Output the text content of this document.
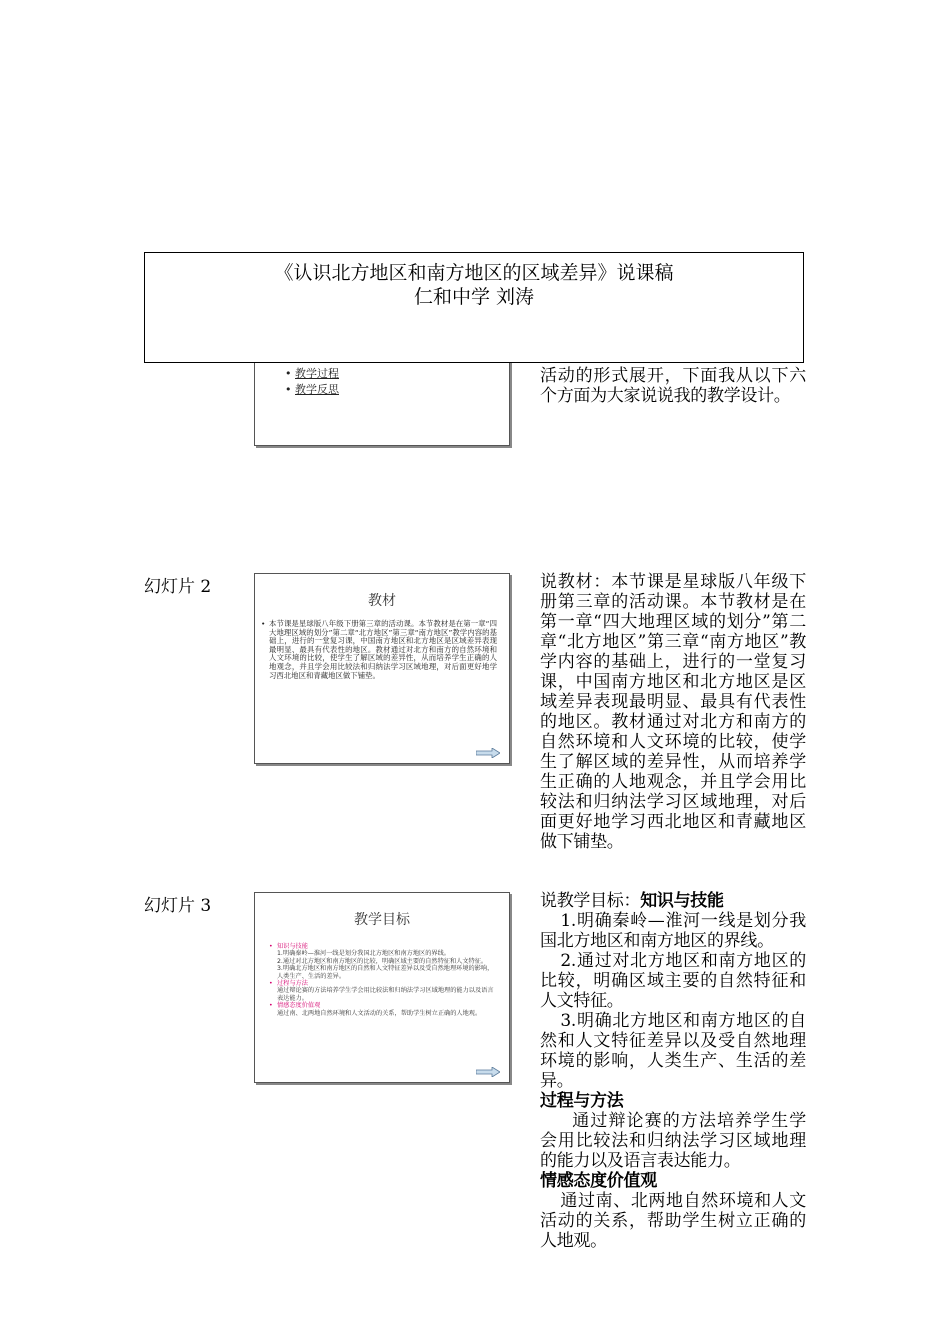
《认识北方地区和南方地区的区域差异》说课稿
仁和中学 刘涛
• 教学过程
• 教学反思

活动的形式展开，下面我从以下六个方面为大家说说我的教学设计。

幻灯片 2
教材
• 本节课是星球版八年级下册第三章的活动课。本节教材是在第一章“四大地理区域的划分”第二章“北方地区”第三章“南方地区”教学内容的基础上，进行的一堂复习课，中国南方地区和北方地区是区域差异表现最明显、最具有代表性的地区。教材通过对北方和南方的自然环境和人文环境的比较，使学生了解区域的差异性，从而培养学生正确的人地观念，并且学会用比较法和归纳法学习区域地理，对后面更好地学习西北地区和青藏地区做下铺垫。

说教材：本节课是星球版八年级下册第三章的活动课。本节教材是在第一章“四大地理区域的划分”第二章“北方地区”第三章“南方地区”教学内容的基础上，进行的一堂复习课，中国南方地区和北方地区是区域差异表现最明显、最具有代表性的地区。教材通过对北方和南方的自然环境和人文环境的比较，使学生了解区域的差异性，从而培养学生正确的人地观念，并且学会用比较法和归纳法学习区域地理，对后面更好地学习西北地区和青藏地区做下铺垫。

幻灯片 3
教学目标
• 知识与技能
1.明确秦岭—淮河一线是划分我国北方地区和南方地区的界线。
2.通过对北方地区和南方地区的比较，明确区域主要的自然特征和人文特征。
3.明确北方地区和南方地区的自然和人文特征差异以及受自然地理环境的影响，人类生产、生活的差异。
• 过程与方法
通过辩论赛的方法培养学生学会用比较法和归纳法学习区域地理的能力以及语言表达能力。
• 情感态度价值观
通过南、北两地自然环境和人文活动的关系，帮助学生树立正确的人地观。

说教学目标：知识与技能

1.明确秦岭—淮河一线是划分我国北方地区和南方地区的界线。

2.通过对北方地区和南方地区的比较，明确区域主要的自然特征和人文特征。

3.明确北方地区和南方地区的自然和人文特征差异以及受自然地理环境的影响，人类生产、生活的差异。

过程与方法

通过辩论赛的方法培养学生学会用比较法和归纳法学习区域地理的能力以及语言表达能力。

情感态度价值观

通过南、北两地自然环境和人文活动的关系，帮助学生树立正确的人地观。
